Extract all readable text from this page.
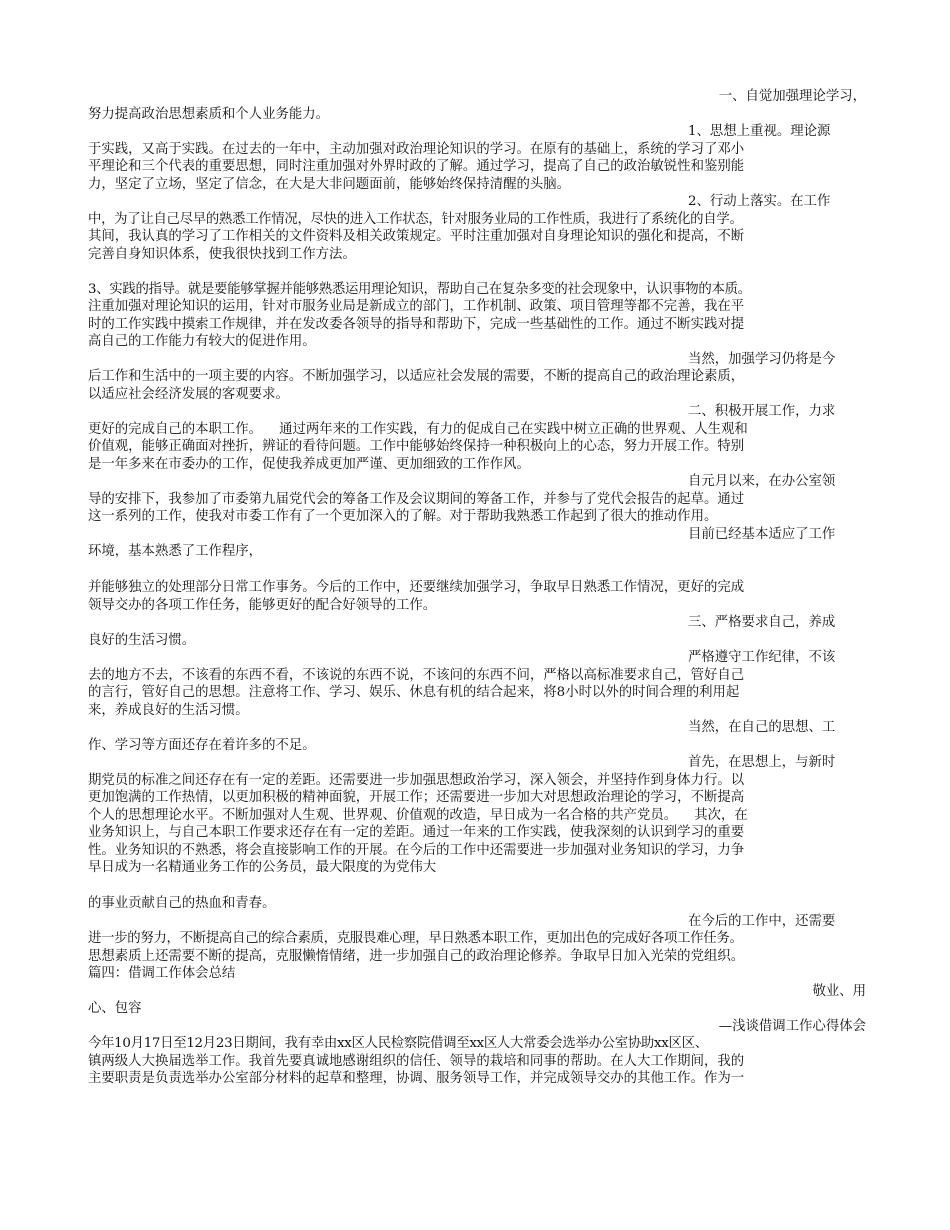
一、自觉加强理论学习，
努力提高政治思想素质和个人业务能力。
1、思想上重视。理论源
于实践，又高于实践。在过去的一年中，主动加强对政治理论知识的学习。在原有的基础上，系统的学习了邓小
平理论和三个代表的重要思想，同时注重加强对外界时政的了解。通过学习，提高了自己的政治敏锐性和鉴别能
力，坚定了立场，坚定了信念，在大是大非问题面前，能够始终保持清醒的头脑。
2、行动上落实。在工作
中，为了让自己尽早的熟悉工作情况，尽快的进入工作状态，针对服务业局的工作性质，我进行了系统化的自学。
其间，我认真的学习了工作相关的文件资料及相关政策规定。平时注重加强对自身理论知识的强化和提高，不断
完善自身知识体系，使我很快找到工作方法。
3、实践的指导。就是要能够掌握并能够熟悉运用理论知识，帮助自己在复杂多变的社会现象中，认识事物的本质。
注重加强对理论知识的运用，针对市服务业局是新成立的部门，工作机制、政策、项目管理等都不完善，我在平
时的工作实践中摸索工作规律，并在发改委各领导的指导和帮助下，完成一些基础性的工作。通过不断实践对提
高自己的工作能力有较大的促进作用。
当然，加强学习仍将是今
后工作和生活中的一项主要的内容。不断加强学习，以适应社会发展的需要，不断的提高自己的政治理论素质，
以适应社会经济发展的客观要求。
二、积极开展工作，力求
更好的完成自己的本职工作。    通过两年来的工作实践，有力的促成自己在实践中树立正确的世界观、人生观和
价值观，能够正确面对挫折，辨证的看待问题。工作中能够始终保持一种积极向上的心态，努力开展工作。特别
是一年多来在市委办的工作，促使我养成更加严谨、更加细致的工作作风。
自元月以来，在办公室领
导的安排下，我参加了市委第九届党代会的筹备工作及会议期间的筹备工作，并参与了党代会报告的起草。通过
这一系列的工作，使我对市委工作有了一个更加深入的了解。对于帮助我熟悉工作起到了很大的推动作用。
目前已经基本适应了工作
环境，基本熟悉了工作程序，
并能够独立的处理部分日常工作事务。今后的工作中，还要继续加强学习，争取早日熟悉工作情况，更好的完成
领导交办的各项工作任务，能够更好的配合好领导的工作。
三、严格要求自己，养成
良好的生活习惯。
严格遵守工作纪律，不该
去的地方不去，不该看的东西不看，不该说的东西不说，不该问的东西不问，严格以高标准要求自己，管好自己
的言行，管好自己的思想。注意将工作、学习、娱乐、休息有机的结合起来，将8小时以外的时间合理的利用起
来，养成良好的生活习惯。
当然，在自己的思想、工
作、学习等方面还存在着许多的不足。
首先，在思想上，与新时
期党员的标准之间还存在有一定的差距。还需要进一步加强思想政治学习，深入领会，并坚持作到身体力行。以
更加饱满的工作热情，以更加积极的精神面貌，开展工作；还需要进一步加大对思想政治理论的学习，不断提高
个人的思想理论水平。不断加强对人生观、世界观、价值观的改造，早日成为一名合格的共产党员。    其次，在
业务知识上，与自己本职工作要求还存在有一定的差距。通过一年来的工作实践，使我深刻的认识到学习的重要
性。业务知识的不熟悉，将会直接影响工作的开展。在今后的工作中还需要进一步加强对业务知识的学习，力争
早日成为一名精通业务工作的公务员，最大限度的为党伟大
的事业贡献自己的热血和青春。
在今后的工作中，还需要
进一步的努力，不断提高自己的综合素质，克服畏难心理，早日熟悉本职工作，更加出色的完成好各项工作任务。
思想素质上还需要不断的提高，克服懒惰情绪，进一步加强自己的政治理论修养。争取早日加入光荣的党组织。
篇四：借调工作体会总结
敬业、用
心、包容
—浅谈借调工作心得体会
今年10月17日至12月23日期间，我有幸由xx区人民检察院借调至xx区人大常委会选举办公室协助xx区区、
镇两级人大换届选举工作。我首先要真诚地感谢组织的信任、领导的栽培和同事的帮助。在人大工作期间，我的
主要职责是负责选举办公室部分材料的起草和整理，协调、服务领导工作，并完成领导交办的其他工作。作为一
